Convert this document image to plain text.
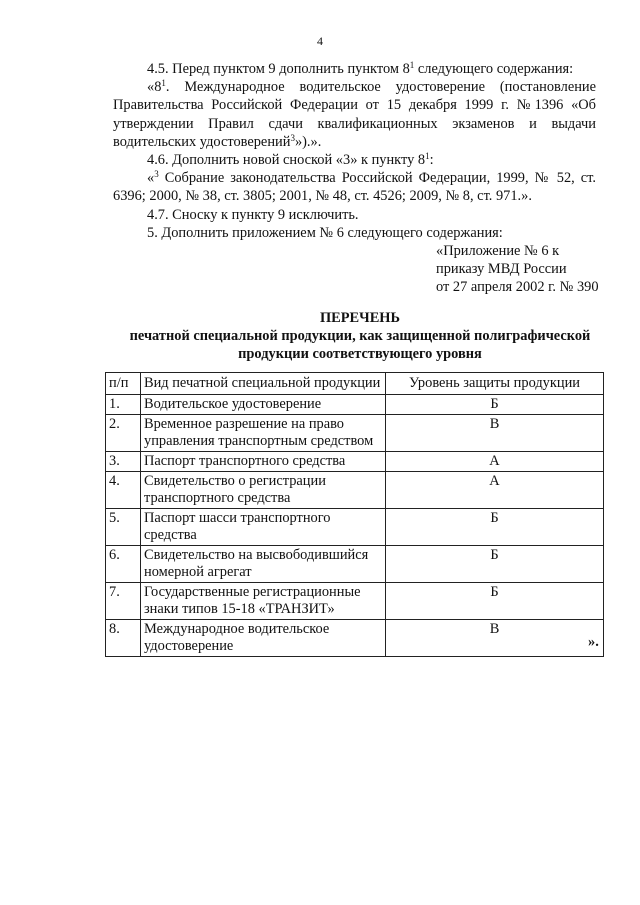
4

4.5. Перед пунктом 9 дополнить пунктом $8^1$ следующего содержания:

«$8^1$. Международное водительское удостоверение (постановление Правительства Российской Федерации от 15 декабря 1999 г. №1396 «Об утверждении Правил сдачи квалификационных экзаменов и выдачи водительских удостоверений$^3$»).».

4.6. Дополнить новой сноской «3» к пункту $8^1$:

«$^3$ Собрание законодательства Российской Федерации, 1999, № 52, ст. 6396; 2000, № 38, ст. 3805; 2001, № 48, ст. 4526; 2009, № 8, ст. 971.».

4.7. Сноску к пункту 9 исключить.

5. Дополнить приложением № 6 следующего содержания:

«Приложение № 6 к
приказу МВД России
от 27 апреля 2002 г. № 390
ПЕРЕЧЕНЬ
печатной специальной продукции, как защищенной полиграфической
продукции соответствующего уровня
п/п	Вид печатной специальной продукции	Уровень защиты продукции
1.	Водительское удостоверение	Б
2.	Временное разрешение на право управления транспортным средством	В
3.	Паспорт транспортного средства	А
4.	Свидетельство о регистрации транспортного средства	А
5.	Паспорт шасси транспортного средства	Б
6.	Свидетельство на высвободившийся номерной агрегат	Б
7.	Государственные регистрационные знаки типов 15-18 «ТРАНЗИТ»	Б
8.	Международное водительское удостоверение	В
».
